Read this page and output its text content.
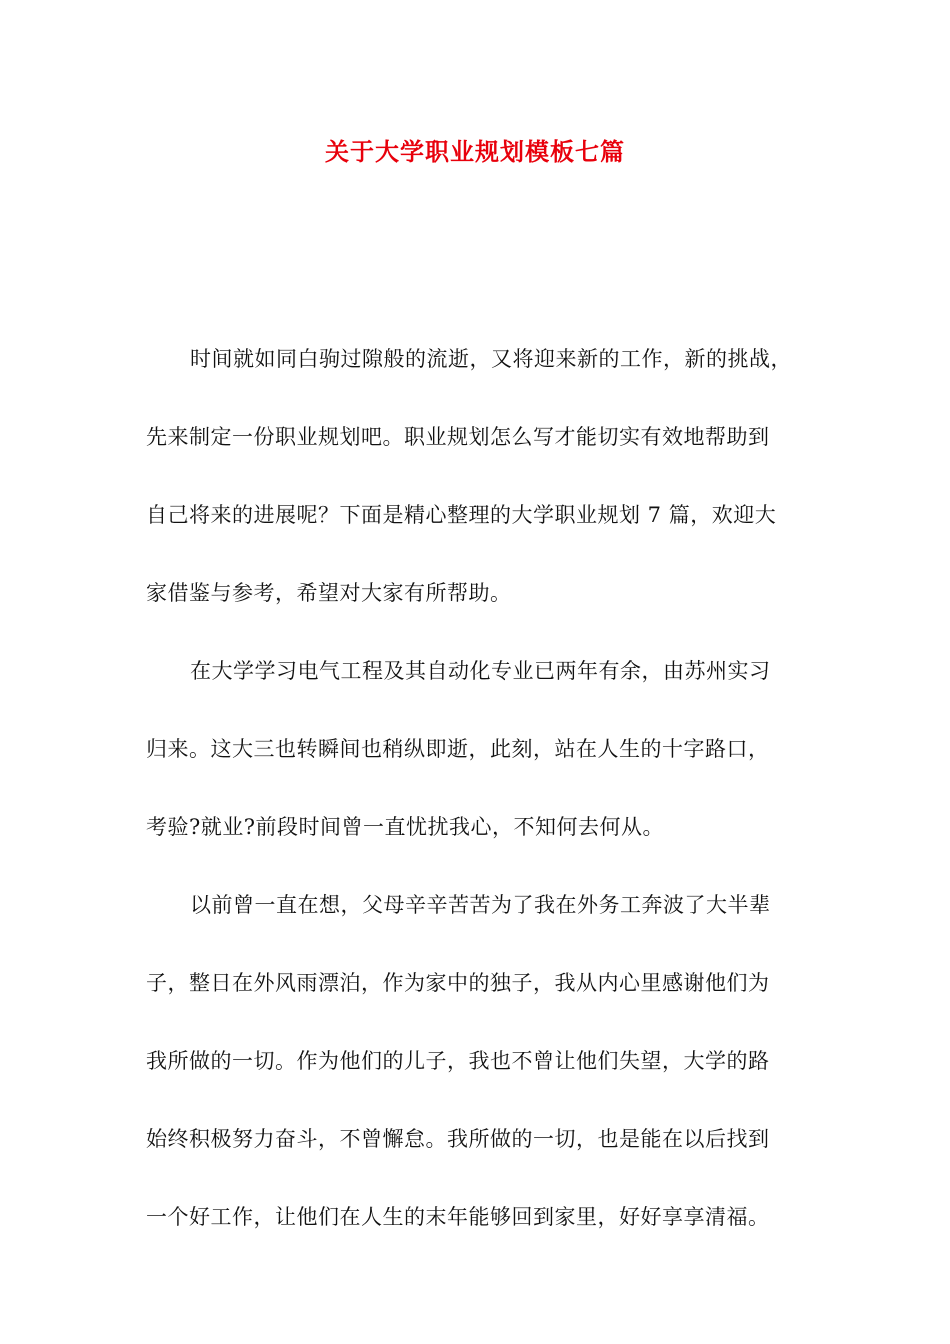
关于大学职业规划模板七篇

时间就如同白驹过隙般的流逝，又将迎来新的工作，新的挑战，
先来制定一份职业规划吧。职业规划怎么写才能切实有效地帮助到
自己将来的进展呢？下面是精心整理的大学职业规划 7 篇，欢迎大
家借鉴与参考，希望对大家有所帮助。

在大学学习电气工程及其自动化专业已两年有余，由苏州实习
归来。这大三也转瞬间也稍纵即逝，此刻，站在人生的十字路口，
考验?就业?前段时间曾一直忧扰我心，不知何去何从。

以前曾一直在想，父母辛辛苦苦为了我在外务工奔波了大半辈
子，整日在外风雨漂泊，作为家中的独子，我从内心里感谢他们为
我所做的一切。作为他们的儿子，我也不曾让他们失望，大学的路
始终积极努力奋斗，不曾懈怠。我所做的一切，也是能在以后找到
一个好工作，让他们在人生的末年能够回到家里，好好享享清福。
